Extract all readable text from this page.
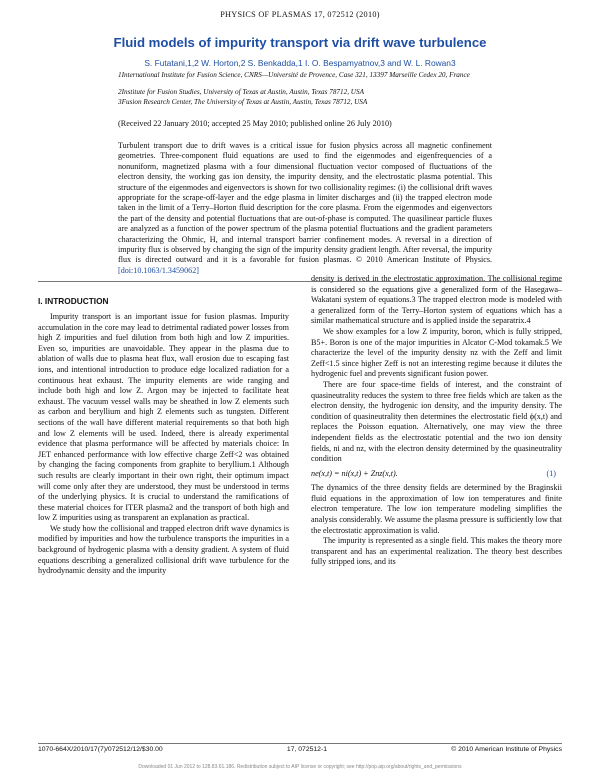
PHYSICS OF PLASMAS 17, 072512 (2010)
Fluid models of impurity transport via drift wave turbulence
S. Futatani,1,2 W. Horton,2 S. Benkadda,1 I. O. Bespamyatnov,3 and W. L. Rowan3
1International Institute for Fusion Science, CNRS—Université de Provence, Case 321, 13397 Marseille Cedex 20, France
2Institute for Fusion Studies, University of Texas at Austin, Austin, Texas 78712, USA
3Fusion Research Center, The University of Texas at Austin, Austin, Texas 78712, USA
(Received 22 January 2010; accepted 25 May 2010; published online 26 July 2010)
Turbulent transport due to drift waves is a critical issue for fusion physics across all magnetic confinement geometries. Three-component fluid equations are used to find the eigenmodes and eigenfrequencies of a nonuniform, magnetized plasma with a four dimensional fluctuation vector composed of fluctuations of the electron density, the working gas ion density, the impurity density, and the electrostatic plasma potential. This structure of the eigenmodes and eigenvectors is shown for two collisionality regimes: (i) the collisional drift waves appropriate for the scrape-off-layer and the edge plasma in limiter discharges and (ii) the trapped electron mode taken in the limit of a Terry–Horton fluid description for the core plasma. From the eigenmodes and eigenvectors the part of the density and potential fluctuations that are out-of-phase is computed. The quasilinear particle fluxes are analyzed as a function of the power spectrum of the plasma potential fluctuations and the gradient parameters characterizing the Ohmic, H, and internal transport barrier confinement modes. A reversal in a direction of impurity flux is observed by changing the sign of the impurity density gradient length. After reversal, the impurity flux is directed outward and it is a favorable for fusion plasmas. © 2010 American Institute of Physics. [doi:10.1063/1.3459062]
I. INTRODUCTION

Impurity transport is an important issue for fusion plasmas. Impurity accumulation in the core may lead to detrimental radiated power losses from high Z impurities and fuel dilution from both high and low Z impurities. Even so, impurities are unavoidable. They appear in the plasma due to ablation of walls due to plasma heat flux, wall erosion due to escaping fast ions, and intentional introduction to produce edge localized radiation for a continuous heat exhaust. The impurity elements are wide ranging and include both high and low Z. Argon may be injected to facilitate heat exhaust. The vacuum vessel walls may be sheathed in low Z elements such as carbon and beryllium and high Z elements such as tungsten. Different sections of the wall have different material requirements so that both high and low Z elements will be used. Indeed, there is already experimental evidence that plasma performance will be affected by materials choice: In JET enhanced performance with low effective charge Zeff<2 was obtained by changing the facing components from graphite to beryllium.1 Although such results are clearly important in their own right, their optimum impact will come only after they are understood, they must be understood in terms of the underlying physics. It is crucial to understand the ramifications of these material choices for ITER plasma2 and the transport of both high and low Z impurities using as transparent an explanation as practical.

We study how the collisional and trapped electron drift wave dynamics is modified by impurities and how the turbulence transports the impurities in a background of hydrogenic plasma with a density gradient. A system of fluid equations describing a generalized collisional drift wave turbulence for the hydrodynamic density and the impurity

density is derived in the electrostatic approximation. The collisional regime is considered so the equations give a generalized form of the Hasegawa–Wakatani system of equations.3 The trapped electron mode is modeled with a generalized form of the Terry–Horton system of equations which has a similar mathematical structure and is applied inside the separatrix.4

We show examples for a low Z impurity, boron, which is fully stripped, B5+. Boron is one of the major impurities in Alcator C-Mod tokamak.5 We characterize the level of the impurity density nz with the Zeff and limit Zeff<1.5 since higher Zeff is not an interesting regime because it dilutes the hydrogenic fuel and prevents significant fusion power.

There are four space-time fields of interest, and the constraint of quasineutrality reduces the system to three free fields which are taken as the electron density, the hydrogenic ion density, and the impurity density. The condition of quasineutrality then determines the electrostatic field ϕ(x,t) and replaces the Poisson equation. Alternatively, one may view the three independent fields as the electrostatic potential and the two ion density fields, ni and nz, with the electron density determined by the quasineutrality condition

ne(x,t) = ni(x,t) + Znz(x,t).	(1)

The dynamics of the three density fields are determined by the Braginskii fluid equations in the approximation of low ion temperatures and finite electron temperature. The low ion temperature modeling simplifies the analysis considerably. We assume the plasma pressure is sufficiently low that the electrostatic approximation is valid.

The impurity is represented as a single field. This makes the theory more transparent and has an experimental realization. The theory best describes fully stripped ions, and its

1070-664X/2010/17(7)/072512/12/$30.00	17, 072512-1	© 2010 American Institute of Physics
Downloaded 01 Jun 2012 to 128.83.61.186. Redistribution subject to AIP license or copyright; see http://pop.aip.org/about/rights_and_permissions
